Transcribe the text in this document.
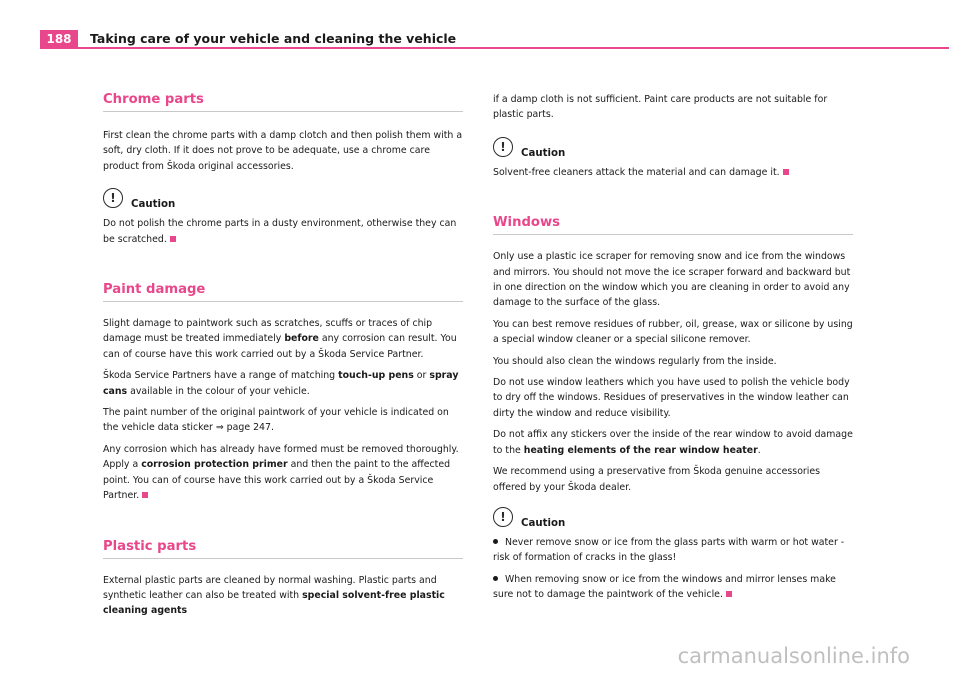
188	Taking care of your vehicle and cleaning the vehicle
Chrome parts

First clean the chrome parts with a damp clotch and then polish them with a soft, dry cloth. If it does not prove to be adequate, use a chrome care product from Škoda original accessories.

!	Caution

Do not polish the chrome parts in a dusty environment, otherwise they can be scratched.

Paint damage

Slight damage to paintwork such as scratches, scuffs or traces of chip damage must be treated immediately before any corrosion can result. You can of course have this work carried out by a Škoda Service Partner.

Škoda Service Partners have a range of matching touch-up pens or spray cans available in the colour of your vehicle.

The paint number of the original paintwork of your vehicle is indicated on the vehicle data sticker ⇒ page 247.

Any corrosion which has already have formed must be removed thoroughly. Apply a corrosion protection primer and then the paint to the affected point. You can of course have this work carried out by a Škoda Service Partner.

Plastic parts

External plastic parts are cleaned by normal washing. Plastic parts and synthetic leather can also be treated with special solvent-free plastic cleaning agents

if a damp cloth is not sufficient. Paint care products are not suitable for plastic parts.

!	Caution

Solvent-free cleaners attack the material and can damage it.

Windows

Only use a plastic ice scraper for removing snow and ice from the windows and mirrors. You should not move the ice scraper forward and backward but in one direction on the window which you are cleaning in order to avoid any damage to the surface of the glass.

You can best remove residues of rubber, oil, grease, wax or silicone by using a special window cleaner or a special silicone remover.

You should also clean the windows regularly from the inside.

Do not use window leathers which you have used to polish the vehicle body to dry off the windows. Residues of preservatives in the window leather can dirty the window and reduce visibility.

Do not affix any stickers over the inside of the rear window to avoid damage to the heating elements of the rear window heater.

We recommend using a preservative from Škoda genuine accessories offered by your Škoda dealer.

!	Caution

Never remove snow or ice from the glass parts with warm or hot water - risk of formation of cracks in the glass!

When removing snow or ice from the windows and mirror lenses make sure not to damage the paintwork of the vehicle.

carmanualsonline.info
